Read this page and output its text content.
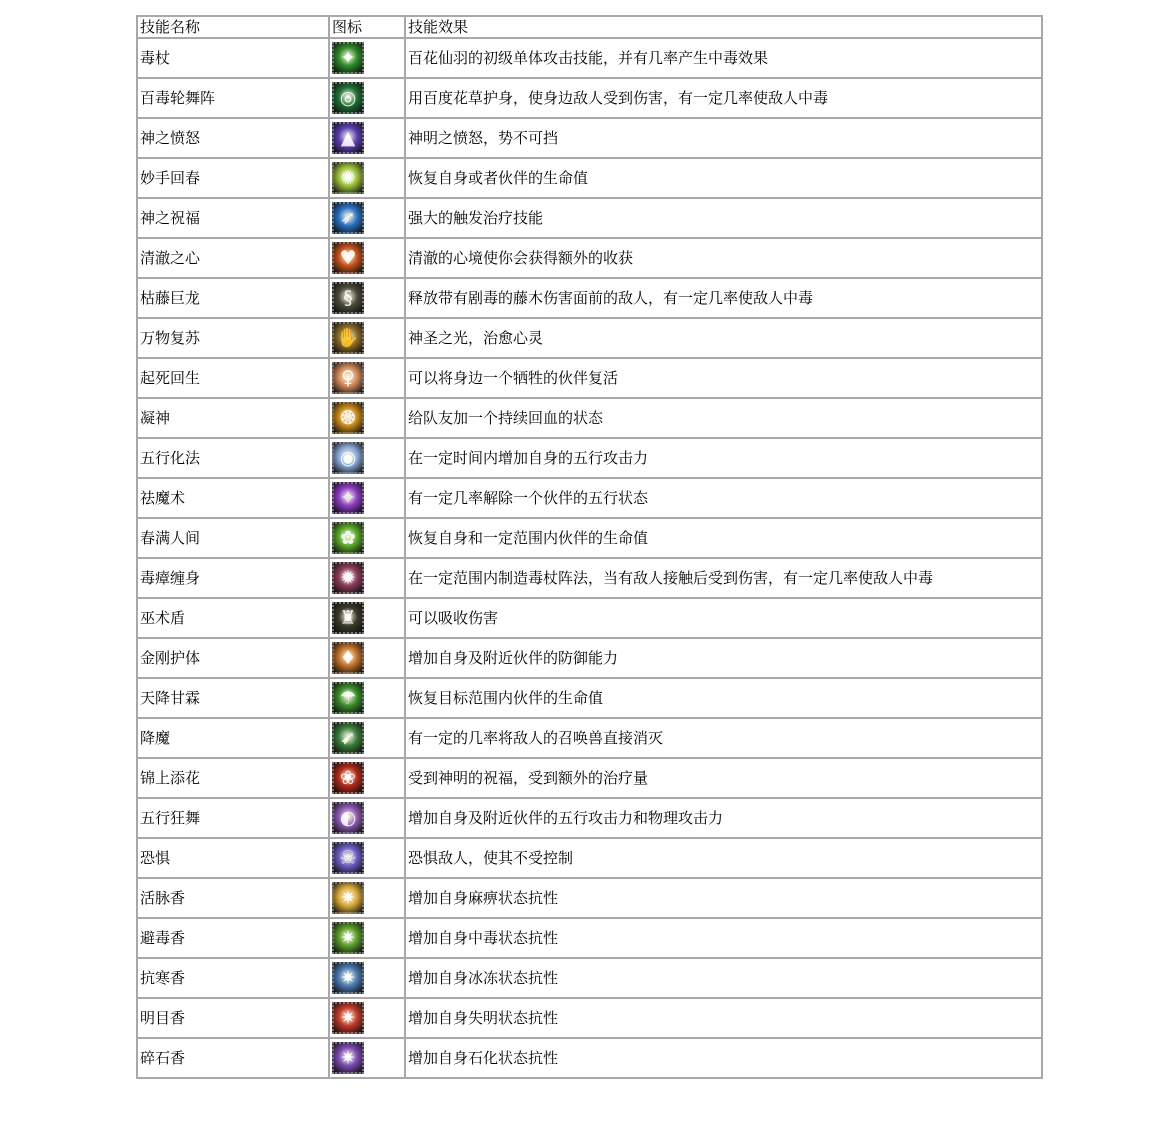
技能名称	图标	技能效果
毒杖	✦	百花仙羽的初级单体攻击技能，并有几率产生中毒效果
百毒轮舞阵	◎	用百度花草护身，使身边敌人受到伤害，有一定几率使敌人中毒
神之愤怒	▲	神明之愤怒，势不可挡
妙手回春	✺	恢复自身或者伙伴的生命值
神之祝福	➶	强大的触发治疗技能
清澈之心	♥	清澈的心境使你会获得额外的收获
枯藤巨龙	§	释放带有剧毒的藤木伤害面前的敌人，有一定几率使敌人中毒
万物复苏	✋	神圣之光，治愈心灵
起死回生	♀	可以将身边一个牺牲的伙伴复活
凝神	❂	给队友加一个持续回血的状态
五行化法	◉	在一定时间内增加自身的五行攻击力
祛魔术	✧	有一定几率解除一个伙伴的五行状态
春满人间	✿	恢复自身和一定范围内伙伴的生命值
毒瘴缠身	✹	在一定范围内制造毒杖阵法，当有敌人接触后受到伤害，有一定几率使敌人中毒
巫术盾	♜	可以吸收伤害
金刚护体	♦	增加自身及附近伙伴的防御能力
天降甘霖	☂	恢复目标范围内伙伴的生命值
降魔	➹	有一定的几率将敌人的召唤兽直接消灭
锦上添花	❀	受到神明的祝福，受到额外的治疗量
五行狂舞	◐	增加自身及附近伙伴的五行攻击力和物理攻击力
恐惧	☠	恐惧敌人，使其不受控制
活脉香	✷	增加自身麻痹状态抗性
避毒香	✷	增加自身中毒状态抗性
抗寒香	✷	增加自身冰冻状态抗性
明目香	✷	增加自身失明状态抗性
碎石香	✷	增加自身石化状态抗性
